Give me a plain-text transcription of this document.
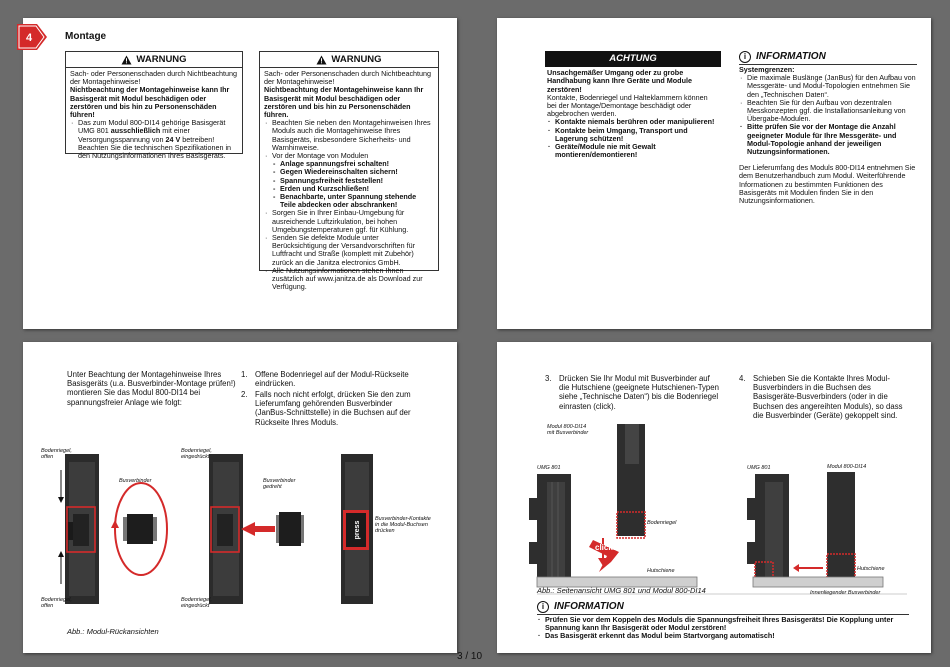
4	Montage
WARNUNG
Sach- oder Personenschaden durch Nichtbeachtung der Montagehinweise!
Nichtbeachtung der Montagehinweise kann Ihr Basisgerät mit Modul beschädigen oder zerstören und bis hin zu Personenschäden führen!
· Das zum Modul 800-DI14 gehörige Basisgerät UMG 801 ausschließlich mit einer Versorgungsspannung von 24 V betreiben! Beachten Sie die technischen Spezifikationen in den Nutzungsinformationen Ihres Basisgeräts.
WARNUNG
Sach- oder Personenschaden durch Nichtbeachtung der Montagehinweise!
Nichtbeachtung der Montagehinweise kann Ihr Basisgerät mit Modul beschädigen oder zerstören und bis hin zu Personenschäden führen.
· Beachten Sie neben den Montagehinweisen Ihres Moduls auch die Montagehinweise Ihres Basisgeräts, insbesondere Sicherheits- und Warnhinweise.
· Vor der Montage von Modulen
- Anlage spannungsfrei schalten!
- Gegen Wiedereinschalten sichern!
- Spannungsfreiheit feststellen!
- Erden und Kurzschließen!
- Benachbarte, unter Spannung stehende Teile abdecken oder abschranken!
· Sorgen Sie in Ihrer Einbau-Umgebung für ausreichende Luftzirkulation, bei hohen Umgebungstemperaturen ggf. für Kühlung.
· Senden Sie defekte Module unter Berücksichtigung der Versandvorschriften für Luftfracht und Straße (komplett mit Zubehör) zurück an die Janitza electronics GmbH.
· Alle Nutzungsinformationen stehen Ihnen zusätzlich auf www.janitza.de als Download zur Verfügung.
ACHTUNG
Unsachgemäßer Umgang oder zu grobe Handhabung kann Ihre Geräte und Module zerstören!
Kontakte, Bodenriegel und Halteklammern können bei der Montage/Demontage beschädigt oder abgebrochen werden.
· Kontakte niemals berühren oder manipulieren!
· Kontakte beim Umgang, Transport und Lagerung schützen!
· Geräte/Module nie mit Gewalt montieren/demontieren!
i INFORMATION
Systemgrenzen:
· Die maximale Buslänge (JanBus) für den Aufbau von Messgeräte- und Modul-Topologien entnehmen Sie den „Technischen Daten“.
· Beachten Sie für den Aufbau von dezentralen Messkonzepten ggf. die Installationsanleitung von Übergabe-Modulen.
· Bitte prüfen Sie vor der Montage die Anzahl geeigneter Module für Ihre Messgeräte- und Modul-Topologie anhand der jeweiligen Nutzungsinformationen.
Der Lieferumfang des Moduls 800-DI14 entnehmen Sie dem Benutzerhandbuch zum Modul. Weiterführende Informationen zu bestimmten Funktionen des Basisgeräts mit Modulen finden Sie in den Nutzungsinformationen.
Unter Beachtung der Montagehinweise Ihres Basisgeräts (u.a. Busverbinder-Montage prüfen!) montieren Sie das Modul 800-DI14 bei spannungsfreier Anlage wie folgt:
1. Offene Bodenriegel auf der Modul-Rückseite eindrücken.
2. Falls noch nicht erfolgt, drücken Sie den zum Lieferumfang gehörenden Busverbinder (JanBus-Schnittstelle) in die Buchsen auf der Rückseite Ihres Moduls.
press
Bodenriegel,
offen
Bodenriegel,
offen
Busverbinder
Bodenriegel,
eingedrückt
Bodenriegel,
eingedrückt
Busverbinder
gedreht
Busverbinder-Kontakte
in die Modul-Buchsen
drücken
Abb.: Modul-Rückansichten
3. Drücken Sie Ihr Modul mit Busverbinder auf die Hutschiene (geeignete Hutschienen-Typen siehe „Technische Daten“) bis die Bodenriegel einrasten (click).
4. Schieben Sie die Kontakte Ihres Modul-Busverbinders in die Buchsen des Basisgeräte-Busverbinders (oder in die Buchsen des angereihten Moduls), so dass die Busverbinder (Geräte) gekoppelt sind.
Modul 800-DI14
mit Busverbinder
UMG 801
Bodenriegel
click!
Hutschiene
UMG 801	Modul 800-DI14
Hutschiene
Innenliegender Busverbinder
Abb.: Seitenansicht UMG 801 und Modul 800-DI14
i INFORMATION
· Prüfen Sie vor dem Koppeln des Moduls die Spannungsfreiheit Ihres Basisgeräts! Die Kopplung unter Spannung kann Ihr Basisgerät oder Modul zerstören!
· Das Basisgerät erkennt das Modul beim Startvorgang automatisch!
3 / 10
